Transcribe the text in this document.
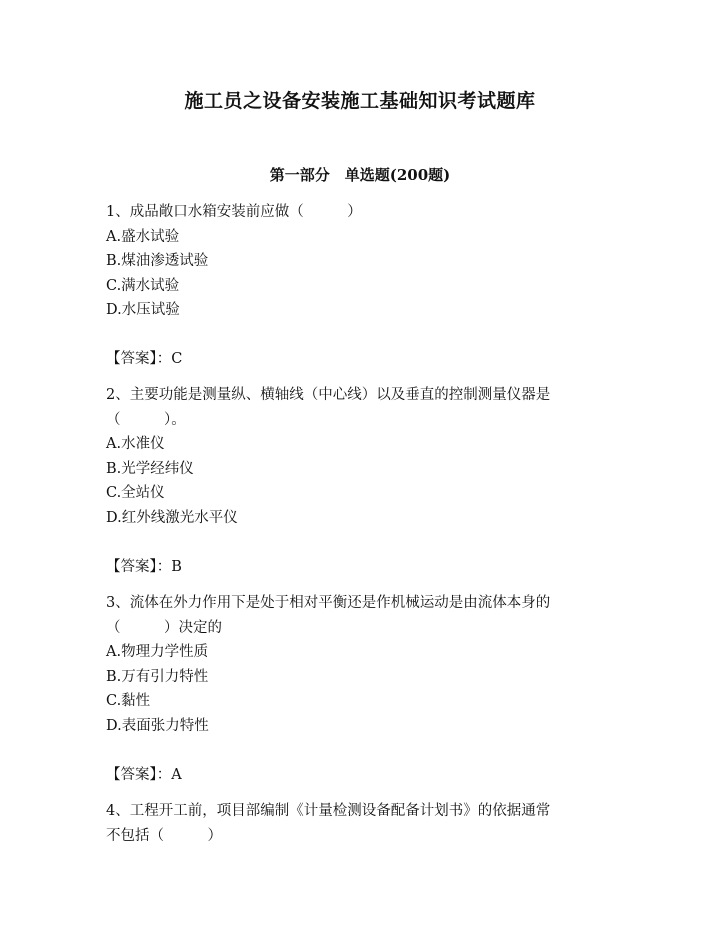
施工员之设备安装施工基础知识考试题库
第一部分　单选题(200题)
1、成品敞口水箱安装前应做（　　　）
A.盛水试验
B.煤油渗透试验
C.满水试验
D.水压试验
【答案】：C
2、主要功能是测量纵、横轴线（中心线）以及垂直的控制测量仪器是
（　　　）。
A.水准仪
B.光学经纬仪
C.全站仪
D.红外线激光水平仪
【答案】：B
3、流体在外力作用下是处于相对平衡还是作机械运动是由流体本身的
（　　　）决定的
A.物理力学性质
B.万有引力特性
C.黏性
D.表面张力特性
【答案】：A
4、工程开工前，项目部编制《计量检测设备配备计划书》的依据通常
不包括（　　　）
